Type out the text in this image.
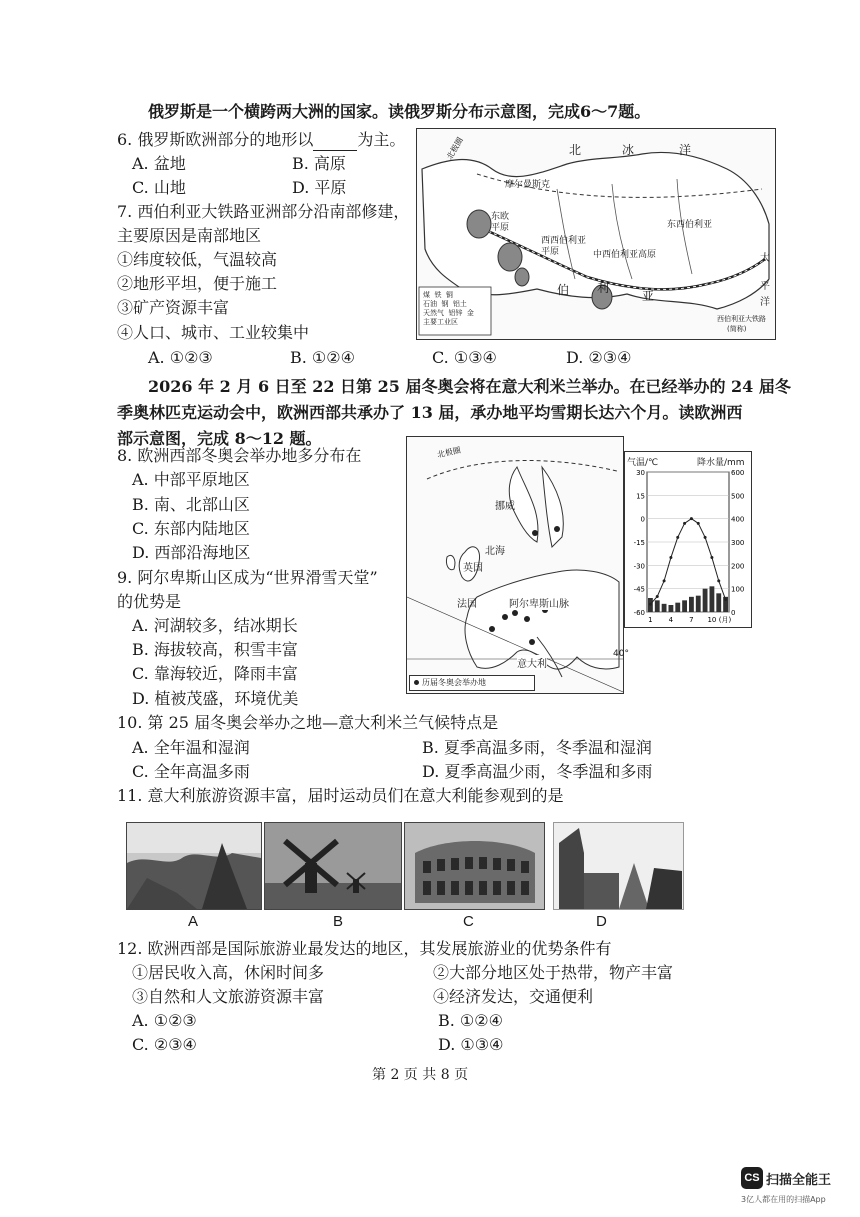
俄罗斯是一个横跨两大洲的国家。读俄罗斯分布示意图，完成6～7题。
6. 俄罗斯欧洲部分的地形以	为主。
A. 盆地	B. 高原
C. 山地	D. 平原
7. 西伯利亚大铁路亚洲部分沿南部修建，
主要原因是南部地区
①纬度较低，气温较高
②地形平坦，便于施工
③矿产资源丰富
④人口、城市、工业较集中
A. ①②③	B. ①②④	C. ①③④	D. ②③④
北	冰	洋
摩尔曼斯克
东欧
平原
西西伯利亚
平原	中西伯利亚高原
东西伯利亚
伯 利
亚
太
平
洋
北极圈
西伯利亚大铁路
(简称)
煤 铁 铜
石油 钢 铝土
天然气 铝锌 金
主要工业区
2026 年 2 月 6 日至 22 日第 25 届冬奥会将在意大利米兰举办。在已经举办的 24 届冬
季奥林匹克运动会中，欧洲西部共承办了 13 届，承办地平均雪期长达六个月。读欧洲西
部示意图，完成 8～12 题。
8. 欧洲西部冬奥会举办地多分布在
A. 中部平原地区
B. 南、北部山区
C. 东部内陆地区
D. 西部沿海地区
9. 阿尔卑斯山区成为“世界滑雪天堂”
的优势是
A. 河湖较多，结冰期长
B. 海拔较高，积雪丰富
C. 靠海较近，降雨丰富
D. 植被茂盛，环境优美
北极圈
挪威
北海
英国
法国	阿尔卑斯山脉
意大利
40°
历届冬奥会举办地
气温/℃	降水量/mm
30
15
0
-15
-30
-45
-60
600
500
400
300
200
100
0
1 4 7 10 (月)
10. 第 25 届冬奥会举办之地—意大利米兰气候特点是
A. 全年温和湿润	B. 夏季高温多雨，冬季温和湿润
C. 全年高温多雨	D. 夏季高温少雨，冬季温和多雨
11. 意大利旅游资源丰富，届时运动员们在意大利能参观到的是
A	B	C	D
12. 欧洲西部是国际旅游业最发达的地区，其发展旅游业的优势条件有
①居民收入高，休闲时间多	②大部分地区处于热带，物产丰富
③自然和人文旅游资源丰富	④经济发达，交通便利
A. ①②③	B. ①②④
C. ②③④	D. ①③④
第 2 页 共 8 页
CS 扫描全能王
3亿人都在用的扫描App
